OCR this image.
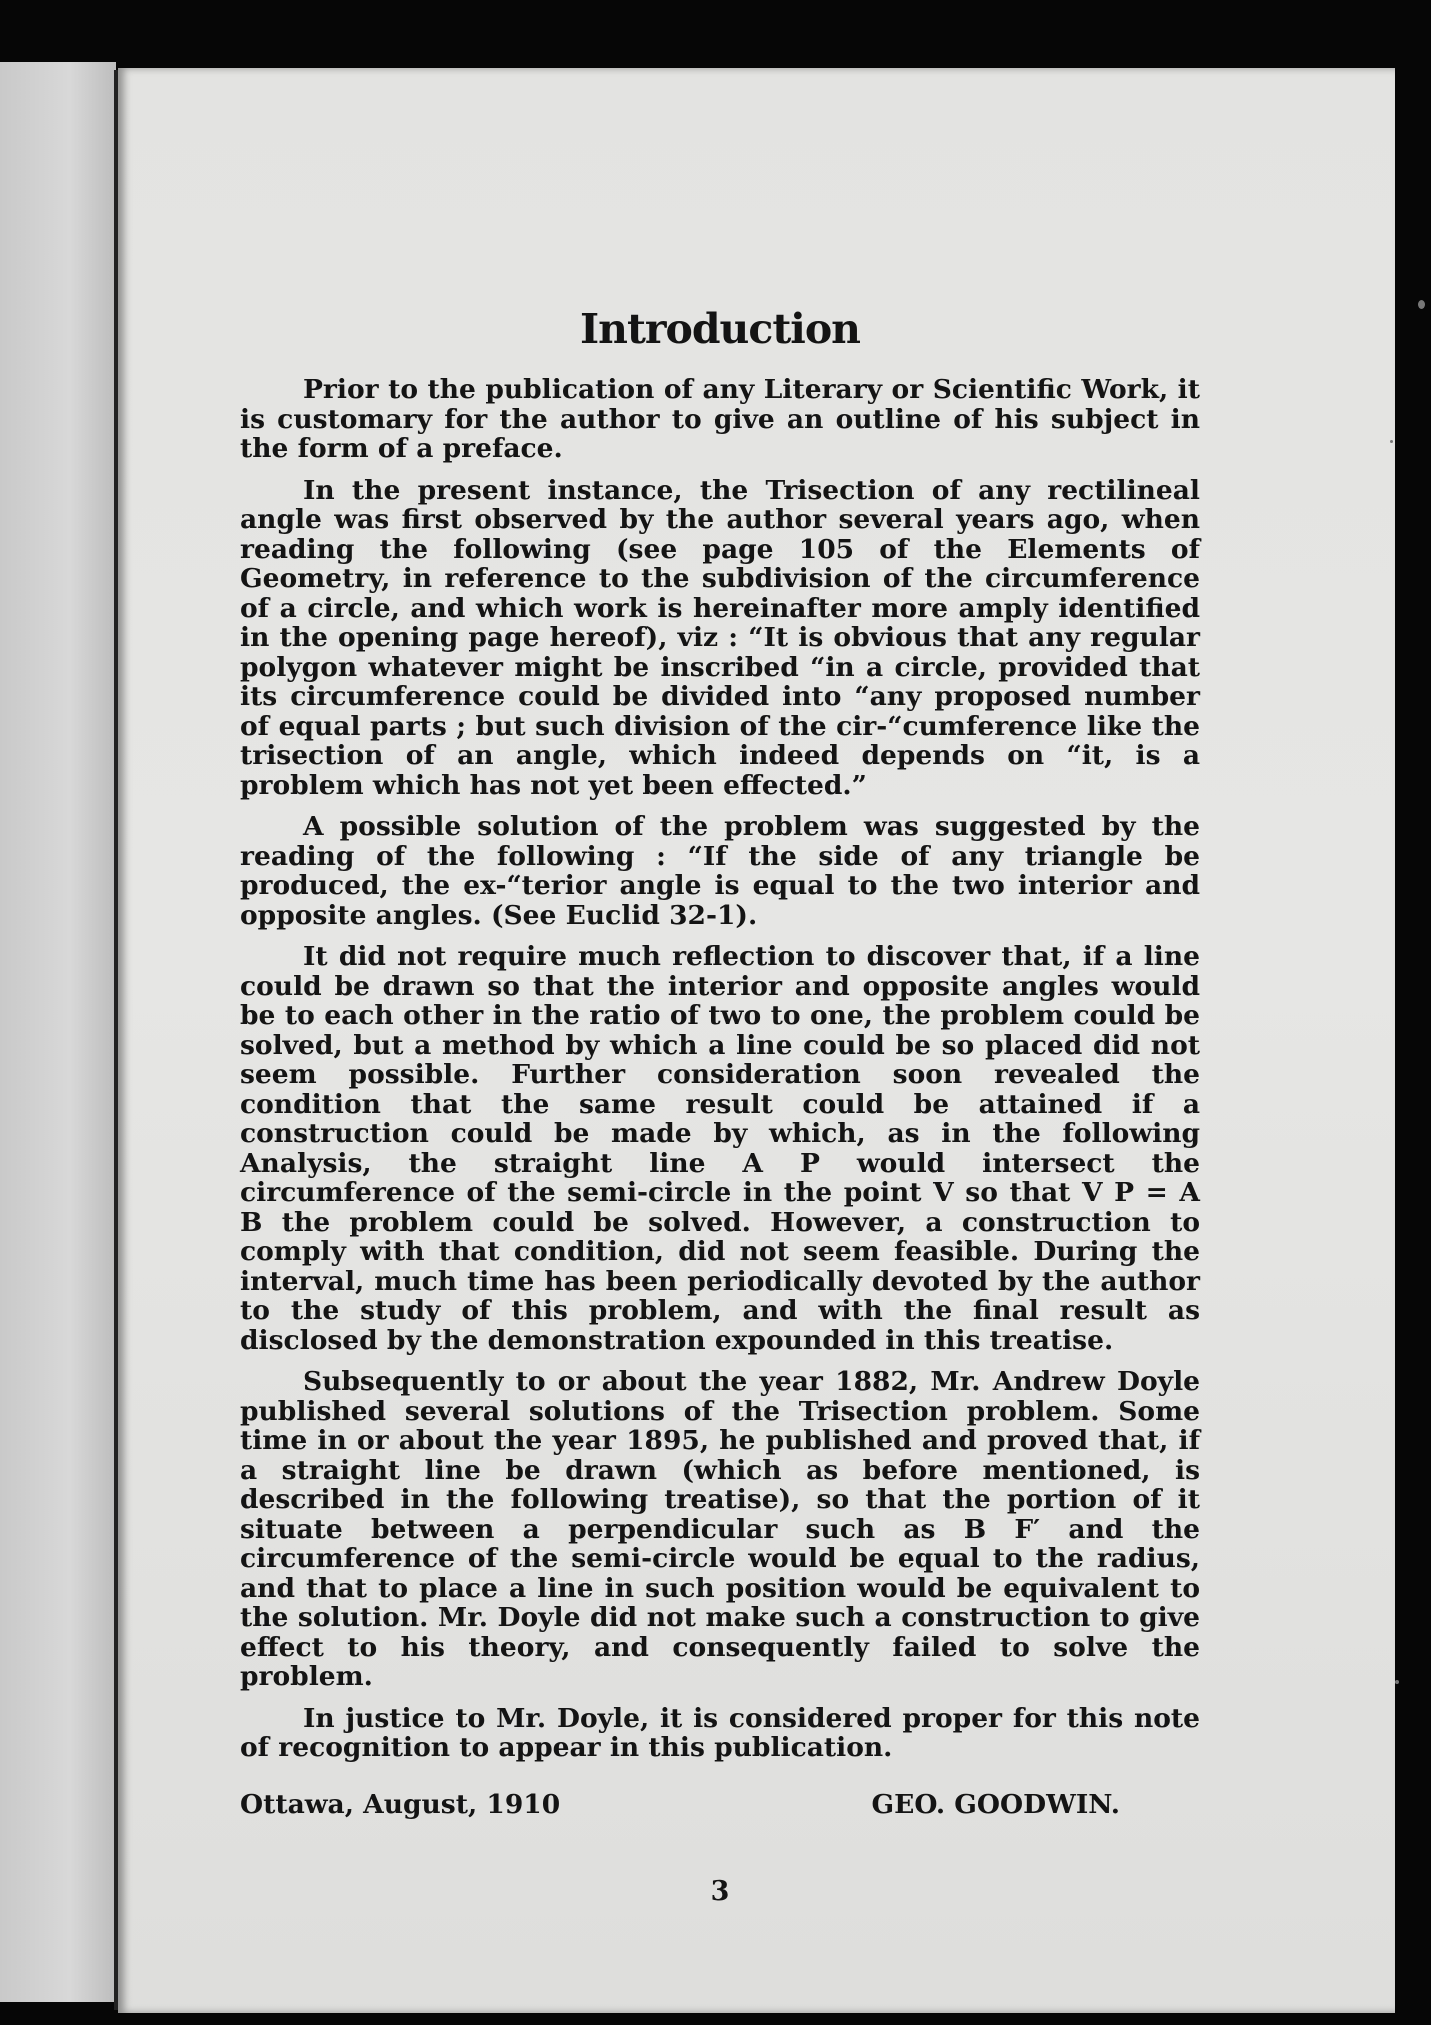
Introduction

Prior to the publication of any Literary or Scientific Work, it is customary for the author to give an outline of his subject in the form of a preface.

In the present instance, the Trisection of any rectilineal angle was first observed by the author several years ago, when reading the following (see page 105 of the Elements of Geometry, in reference to the subdivision of the circumference of a circle, and which work is hereinafter more amply identified in the opening page hereof), viz : “It is obvious that any regular polygon whatever might be inscribed “in a circle, provided that its circumference could be divided into “any proposed number of equal parts ; but such division of the cir-“cumference like the trisection of an angle, which indeed depends on “it, is a problem which has not yet been effected.”

A possible solution of the problem was suggested by the reading of the following : “If the side of any triangle be produced, the ex-“terior angle is equal to the two interior and opposite angles. (See Euclid 32-1).

It did not require much reflection to discover that, if a line could be drawn so that the interior and opposite angles would be to each other in the ratio of two to one, the problem could be solved, but a method by which a line could be so placed did not seem possible. Further consideration soon revealed the condition that the same result could be attained if a construction could be made by which, as in the following Analysis, the straight line A P would intersect the circumference of the semi-circle in the point V so that V P = A B the problem could be solved. However, a construction to comply with that condition, did not seem feasible. During the interval, much time has been periodically devoted by the author to the study of this problem, and with the final result as disclosed by the demonstration expounded in this treatise.

Subsequently to or about the year 1882, Mr. Andrew Doyle published several solutions of the Trisection problem. Some time in or about the year 1895, he published and proved that, if a straight line be drawn (which as before mentioned, is described in the following treatise), so that the portion of it situate between a perpendicular such as B F′ and the circumference of the semi-circle would be equal to the radius, and that to place a line in such position would be equivalent to the solution. Mr. Doyle did not make such a construction to give effect to his theory, and consequently failed to solve the problem.

In justice to Mr. Doyle, it is considered proper for this note of recognition to appear in this publication.

Ottawa, August, 1910	GEO. GOODWIN.
3
